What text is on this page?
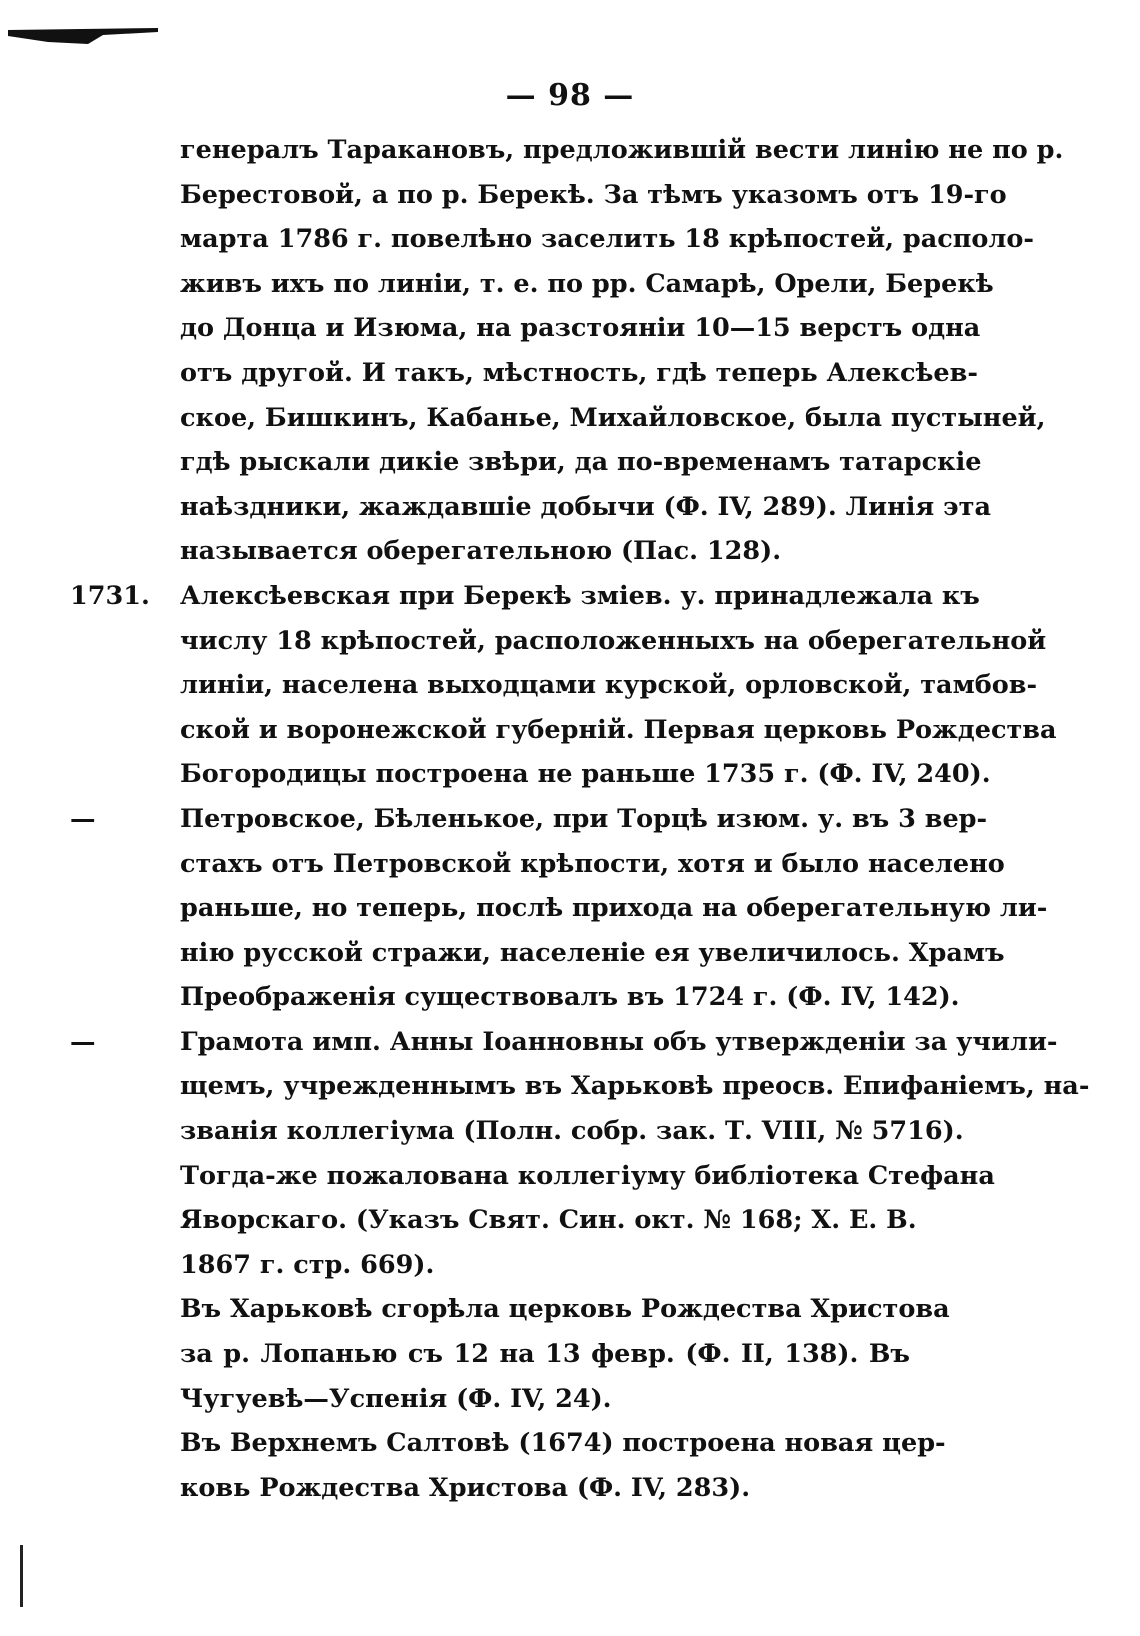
— 98 —
генералъ Таракановъ, предложившій вести линію не по р.
Берестовой, а по р. Берекѣ. За тѣмъ указомъ отъ 19-го
марта 1786 г. повелѣно заселить 18 крѣпостей, располо-
живъ ихъ по линіи, т. е. по рр. Самарѣ, Орели, Берекѣ
до Донца и Изюма, на разстояніи 10—15 верстъ одна
отъ другой. И такъ, мѣстность, гдѣ теперь Алексѣев-
ское, Бишкинъ, Кабанье, Михайловское, была пустыней,
гдѣ рыскали дикіе звѣри, да по-временамъ татарскіе
наѣздники, жаждавшіе добычи (Ф. IV, 289). Линія эта
называется оберегательною (Пас. 128).
1731.	Алексѣевская при Берекѣ зміев. у. принадлежала къ
числу 18 крѣпостей, расположенныхъ на оберегательной
линіи, населена выходцами курской, орловской, тамбов-
ской и воронежской губерній. Первая церковь Рождества
Богородицы построена не раньше 1735 г. (Ф. IV, 240).
—	Петровское, Бѣленькое, при Торцѣ изюм. у. въ 3 вер-
стахъ отъ Петровской крѣпости, хотя и было населено
раньше, но теперь, послѣ прихода на оберегательную ли-
нію русской стражи, населеніе ея увеличилось. Храмъ
Преображенія существовалъ въ 1724 г. (Ф. IV, 142).
—	Грамота имп. Анны Іоанновны объ утвержденіи за учили-
щемъ, учрежденнымъ въ Харьковѣ преосв. Епифаніемъ, на-
званія коллегіума (Полн. собр. зак. Т. VIII, № 5716).
Тогда-же пожалована коллегіуму библіотека Стефана
Яворскаго. (Указъ Свят. Син. окт. № 168; Х. Е. В.
1867 г. стр. 669).
Въ Харьковѣ сгорѣла церковь Рождества Христова
за р. Лопанью съ 12 на 13 февр. (Ф. II, 138). Въ
Чугуевѣ—Успенія (Ф. IV, 24).
Въ Верхнемъ Салтовѣ (1674) построена новая цер-
ковь Рождества Христова (Ф. IV, 283).
